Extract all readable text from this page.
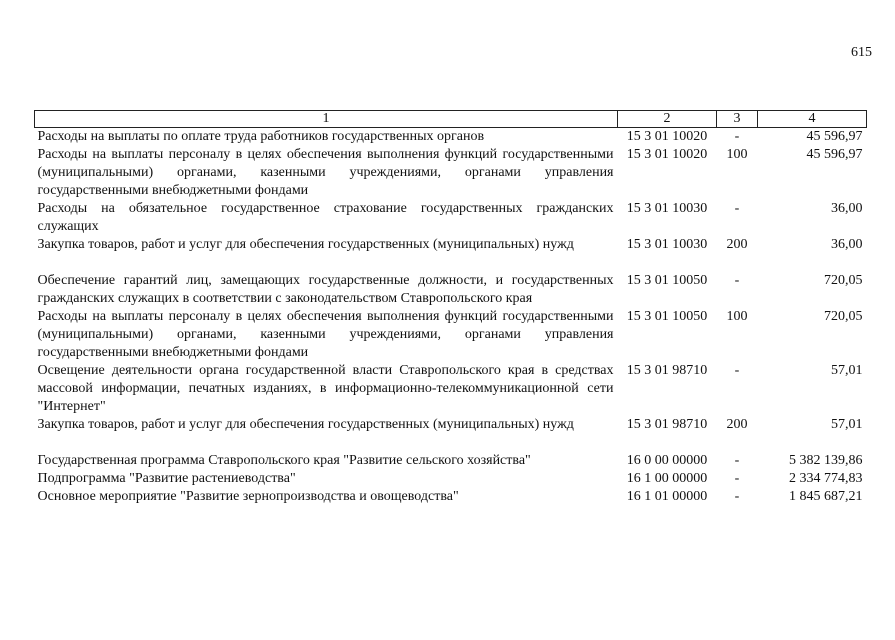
615
1	2	3	4
Расходы на выплаты по оплате труда работников государственных органов	15 3 01 10020	-	45 596,97
Расходы на выплаты персоналу в целях обеспечения выполнения функций государственными (муниципальными) органами, казенными учреждениями, органами управления государственными внебюджетными фондами	15 3 01 10020	100	45 596,97
Расходы на обязательное государственное страхование государственных гражданских служащих	15 3 01 10030	-	36,00
Закупка товаров, работ и услуг для обеспечения государственных (муниципальных) нужд	15 3 01 10030	200	36,00
Обеспечение гарантий лиц, замещающих государственные должности, и государственных гражданских служащих в соответствии с законодательством Ставропольского края	15 3 01 10050	-	720,05
Расходы на выплаты персоналу в целях обеспечения выполнения функций государственными (муниципальными) органами, казенными учреждениями, органами управления государственными внебюджетными фондами	15 3 01 10050	100	720,05
Освещение деятельности органа государственной власти Ставропольского края в средствах массовой информации, печатных изданиях, в информационно-телекоммуникационной сети "Интернет"	15 3 01 98710	-	57,01
Закупка товаров, работ и услуг для обеспечения государственных (муниципальных) нужд	15 3 01 98710	200	57,01
Государственная программа Ставропольского края "Развитие сельского хозяйства"	16 0 00 00000	-	5 382 139,86
Подпрограмма "Развитие растениеводства"	16 1 00 00000	-	2 334 774,83
Основное мероприятие "Развитие зернопроизводства и овощеводства"	16 1 01 00000	-	1 845 687,21
